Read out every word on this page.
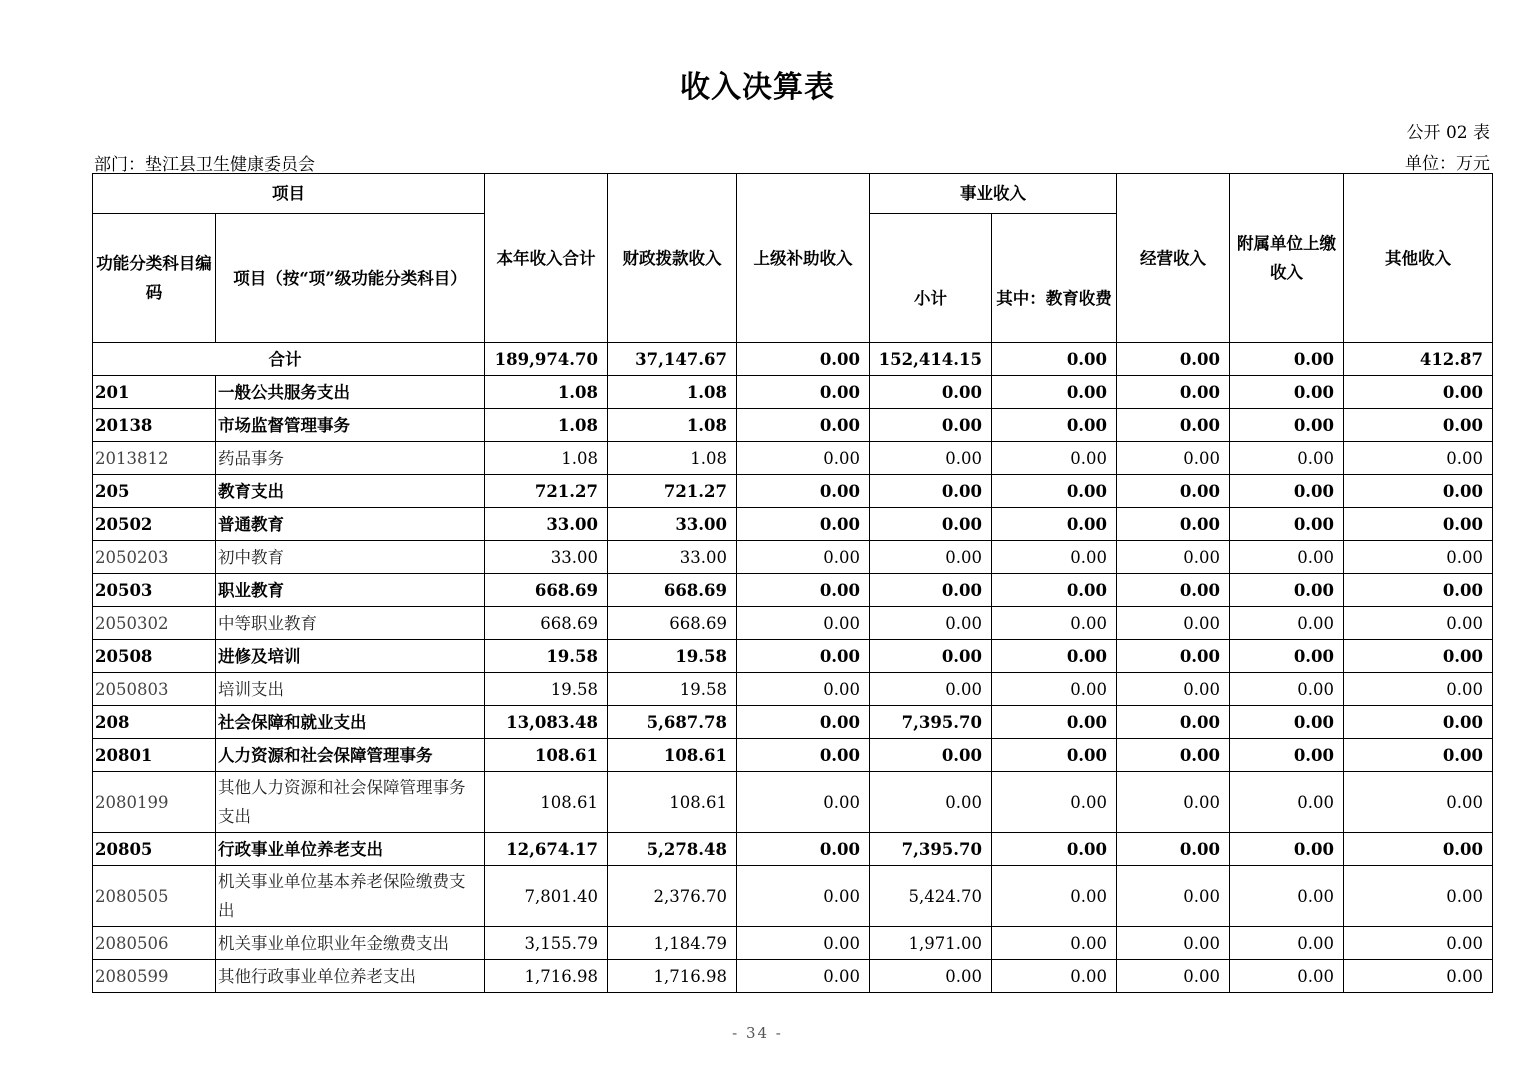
收入决算表
公开 02 表
部门：垫江县卫生健康委员会	单位：万元
项目		本年收入合计	财政拨款收入	上级补助收入	事业收入		经营收入	附属单位上缴收入	其他收入
功能分类科目编码	项目（按“项”级功能分类科目）				小计	其中：教育收费			
合计		189,974.70	37,147.67	0.00	152,414.15	0.00	0.00	0.00	412.87
201	一般公共服务支出	1.08	1.08	0.00	0.00	0.00	0.00	0.00	0.00
20138	市场监督管理事务	1.08	1.08	0.00	0.00	0.00	0.00	0.00	0.00
2013812	药品事务	1.08	1.08	0.00	0.00	0.00	0.00	0.00	0.00
205	教育支出	721.27	721.27	0.00	0.00	0.00	0.00	0.00	0.00
20502	普通教育	33.00	33.00	0.00	0.00	0.00	0.00	0.00	0.00
2050203	初中教育	33.00	33.00	0.00	0.00	0.00	0.00	0.00	0.00
20503	职业教育	668.69	668.69	0.00	0.00	0.00	0.00	0.00	0.00
2050302	中等职业教育	668.69	668.69	0.00	0.00	0.00	0.00	0.00	0.00
20508	进修及培训	19.58	19.58	0.00	0.00	0.00	0.00	0.00	0.00
2050803	培训支出	19.58	19.58	0.00	0.00	0.00	0.00	0.00	0.00
208	社会保障和就业支出	13,083.48	5,687.78	0.00	7,395.70	0.00	0.00	0.00	0.00
20801	人力资源和社会保障管理事务	108.61	108.61	0.00	0.00	0.00	0.00	0.00	0.00
2080199	其他人力资源和社会保障管理事务支出	108.61	108.61	0.00	0.00	0.00	0.00	0.00	0.00
20805	行政事业单位养老支出	12,674.17	5,278.48	0.00	7,395.70	0.00	0.00	0.00	0.00
2080505	机关事业单位基本养老保险缴费支出	7,801.40	2,376.70	0.00	5,424.70	0.00	0.00	0.00	0.00
2080506	机关事业单位职业年金缴费支出	3,155.79	1,184.79	0.00	1,971.00	0.00	0.00	0.00	0.00
2080599	其他行政事业单位养老支出	1,716.98	1,716.98	0.00	0.00	0.00	0.00	0.00	0.00
- 34 -
